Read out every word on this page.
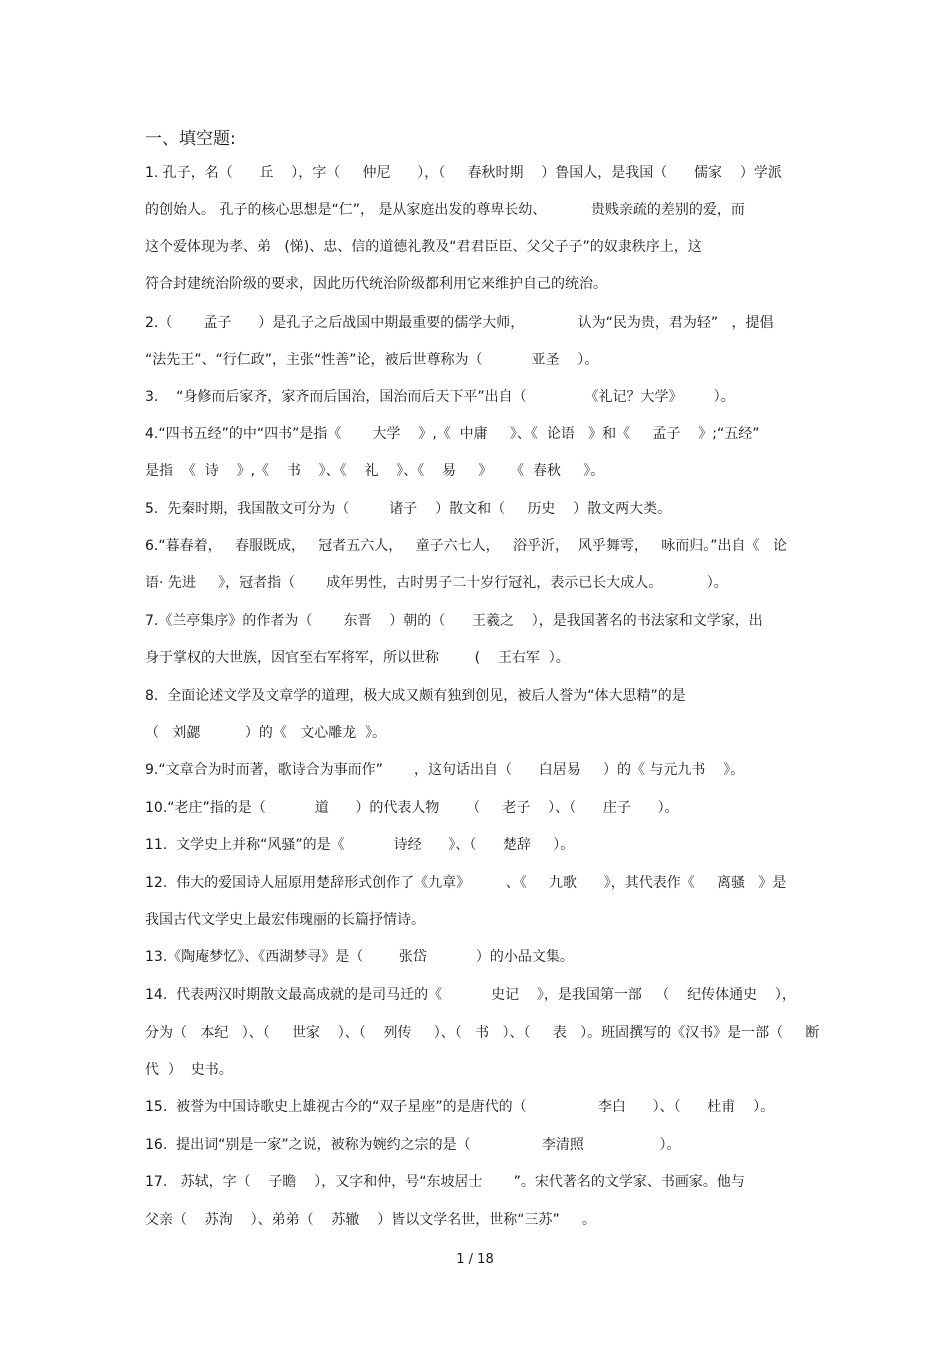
一、填空题:
1. 孔子，名（      丘    ），字（     仲尼      ），（     春秋时期    ）鲁国人，是我国（      儒家    ）学派
的创始人。 孔子的核心思想是“仁”， 是从家庭出发的尊卑长幼、          贵贱亲疏的差别的爱，而
这个爱体现为孝、弟   (悌)、忠、信的道德礼教及“君君臣臣、父父子子”的奴隶秩序上，这
符合封建统治阶级的要求，因此历代统治阶级都利用它来维护自己的统治。
2.（       孟子      ）是孔子之后战国中期最重要的儒学大师，            认为“民为贵，君为轻”   ，提倡
“法先王”、“行仁政”，主张“性善”论，被后世尊称为（           亚圣    ）。
3.    “身修而后家齐，家齐而后国治，国治而后天下平”出自（             《礼记？大学》       ）。
4.“四书五经”的中“四书”是指《       大学    》,《  中庸     》、《  论语   》和《     孟子    》;“五经”
是指  《  诗    》,《    书    》、《    礼    》、《    易     》    《  春秋     》。
5.  先秦时期，我国散文可分为（         诸子    ）散文和（     历史    ）散文两大类。
6.“暮春着，   春服既成，   冠者五六人，   童子六七人，   浴乎沂，  风乎舞雩，   咏而归。”出自《   论
语· 先进     》，冠者指（       成年男性，古时男子二十岁行冠礼，表示已长大成人。          ）。
7.《兰亭集序》的作者为（       东晋    ）朝的（      王羲之    ），是我国著名的书法家和文学家，出
身于掌权的大世族，因官至右军将军，所以世称        (    王右军  ）。
8.  全面论述文学及文章学的道理，极大成又颇有独到创见，被后人誉为“体大思精”的是
（   刘勰          ）的《   文心雕龙  》。
9.“文章合为时而著，歌诗合为事而作”       ，这句话出自（      白居易     ）的《 与元九书    》。
10.“老庄”指的是（           道      ）的代表人物      （     老子    ）、（      庄子      ）。
11.  文学史上并称“风骚”的是《           诗经      》、（      楚辞     ）。
12.  伟大的爱国诗人屈原用楚辞形式创作了《九章》        、《     九歌      》，其代表作《     离骚   》是
我国古代文学史上最宏伟瑰丽的长篇抒情诗。
13.《陶庵梦忆》、《西湖梦寻》是（        张岱           ）的小品文集。
14.  代表两汉时期散文最高成就的是司马迁的《           史记    》，是我国第一部   （    纪传体通史    ），
分为（   本纪   ）、（     世家    ）、（    列传     ）、（   书   ）、（     表   ）。班固撰写的《汉书》是一部（     断
代  ）  史书。
15.  被誉为中国诗歌史上雄视古今的“双子星座”的是唐代的（                李白      ）、（      杜甫    ）。
16.  提出词“别是一家”之说，被称为婉约之宗的是（                李清照                 ）。
17.   苏轼，字（    子瞻    ），又字和仲，号“东坡居士       ”。宋代著名的文学家、书画家。他与
父亲（    苏洵    ）、弟弟（    苏辙    ）皆以文学名世，世称“三苏”     。
1 / 18
